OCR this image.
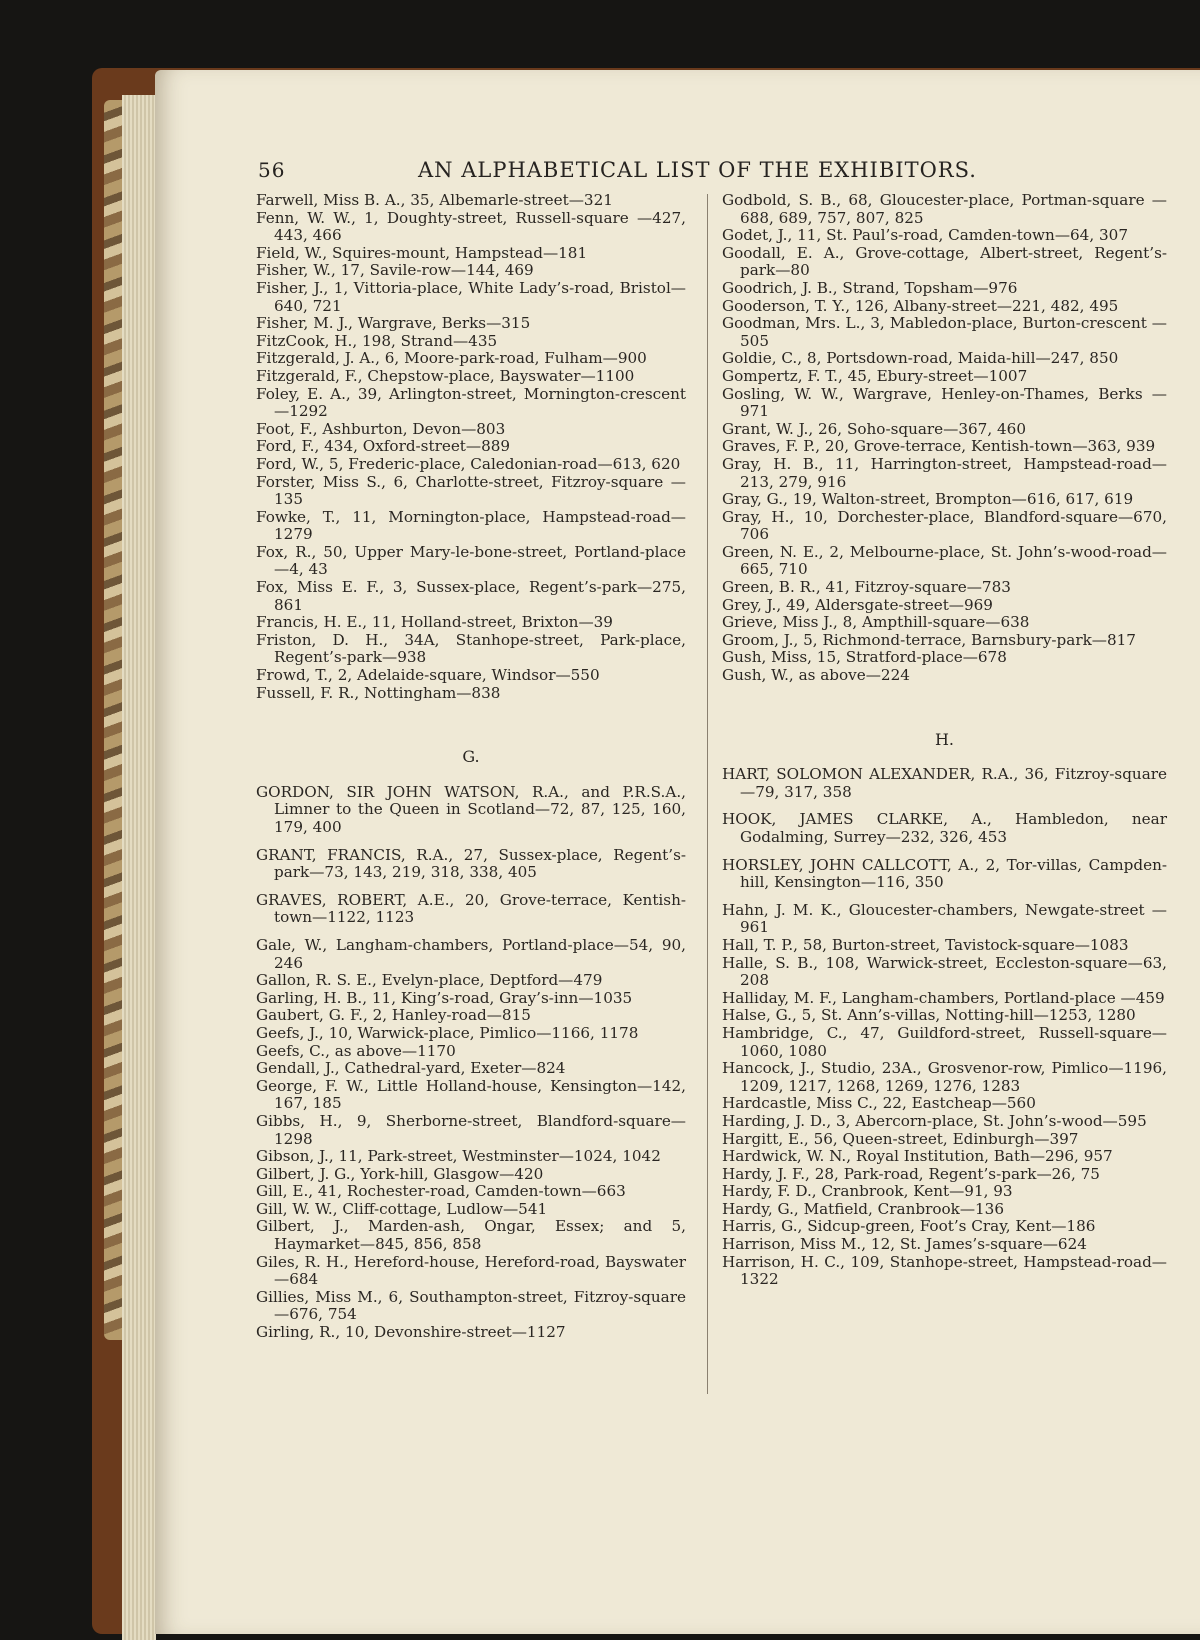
56	AN ALPHABETICAL LIST OF THE EXHIBITORS.

Farwell, Miss B. A., 35, Albemarle-street—321

Fenn, W. W., 1, Doughty-street, Russell-square —427, 443, 466

Field, W., Squires-mount, Hampstead—181

Fisher, W., 17, Savile-row—144, 469

Fisher, J., 1, Vittoria-place, White Lady’s-road, Bristol—640, 721

Fisher, M. J., Wargrave, Berks—315

FitzCook, H., 198, Strand—435

Fitzgerald, J. A., 6, Moore-park-road, Fulham—900

Fitzgerald, F., Chepstow-place, Bayswater—1100

Foley, E. A., 39, Arlington-street, Mornington-crescent—1292

Foot, F., Ashburton, Devon—803

Ford, F., 434, Oxford-street—889

Ford, W., 5, Frederic-place, Caledonian-road—613, 620

Forster, Miss S., 6, Charlotte-street, Fitzroy-square —135

Fowke, T., 11, Mornington-place, Hampstead-road—1279

Fox, R., 50, Upper Mary-le-bone-street, Portland-place—4, 43

Fox, Miss E. F., 3, Sussex-place, Regent’s-park—275, 861

Francis, H. E., 11, Holland-street, Brixton—39

Friston, D. H., 34A, Stanhope-street, Park-place, Regent’s-park—938

Frowd, T., 2, Adelaide-square, Windsor—550

Fussell, F. R., Nottingham—838

G.

GORDON, SIR JOHN WATSON, R.A., and P.R.S.A., Limner to the Queen in Scotland—72, 87, 125, 160, 179, 400

GRANT, FRANCIS, R.A., 27, Sussex-place, Regent’s-park—73, 143, 219, 318, 338, 405

GRAVES, ROBERT, A.E., 20, Grove-terrace, Kentish-town—1122, 1123

Gale, W., Langham-chambers, Portland-place—54, 90, 246

Gallon, R. S. E., Evelyn-place, Deptford—479

Garling, H. B., 11, King’s-road, Gray’s-inn—1035

Gaubert, G. F., 2, Hanley-road—815

Geefs, J., 10, Warwick-place, Pimlico—1166, 1178

Geefs, C., as above—1170

Gendall, J., Cathedral-yard, Exeter—824

George, F. W., Little Holland-house, Kensington—142, 167, 185

Gibbs, H., 9, Sherborne-street, Blandford-square—1298

Gibson, J., 11, Park-street, Westminster—1024, 1042

Gilbert, J. G., York-hill, Glasgow—420

Gill, E., 41, Rochester-road, Camden-town—663

Gill, W. W., Cliff-cottage, Ludlow—541

Gilbert, J., Marden-ash, Ongar, Essex; and 5, Haymarket—845, 856, 858

Giles, R. H., Hereford-house, Hereford-road, Bayswater—684

Gillies, Miss M., 6, Southampton-street, Fitzroy-square—676, 754

Girling, R., 10, Devonshire-street—1127

Godbold, S. B., 68, Gloucester-place, Portman-square —688, 689, 757, 807, 825

Godet, J., 11, St. Paul’s-road, Camden-town—64, 307

Goodall, E. A., Grove-cottage, Albert-street, Regent’s-park—80

Goodrich, J. B., Strand, Topsham—976

Gooderson, T. Y., 126, Albany-street—221, 482, 495

Goodman, Mrs. L., 3, Mabledon-place, Burton-crescent —505

Goldie, C., 8, Portsdown-road, Maida-hill—247, 850

Gompertz, F. T., 45, Ebury-street—1007

Gosling, W. W., Wargrave, Henley-on-Thames, Berks —971

Grant, W. J., 26, Soho-square—367, 460

Graves, F. P., 20, Grove-terrace, Kentish-town—363, 939

Gray, H. B., 11, Harrington-street, Hampstead-road—213, 279, 916

Gray, G., 19, Walton-street, Brompton—616, 617, 619

Gray, H., 10, Dorchester-place, Blandford-square—670, 706

Green, N. E., 2, Melbourne-place, St. John’s-wood-road—665, 710

Green, B. R., 41, Fitzroy-square—783

Grey, J., 49, Aldersgate-street—969

Grieve, Miss J., 8, Ampthill-square—638

Groom, J., 5, Richmond-terrace, Barnsbury-park—817

Gush, Miss, 15, Stratford-place—678

Gush, W., as above—224

H.

HART, SOLOMON ALEXANDER, R.A., 36, Fitzroy-square—79, 317, 358

HOOK, JAMES CLARKE, A., Hambledon, near Godalming, Surrey—232, 326, 453

HORSLEY, JOHN CALLCOTT, A., 2, Tor-villas, Campden-hill, Kensington—116, 350

Hahn, J. M. K., Gloucester-chambers, Newgate-street —961

Hall, T. P., 58, Burton-street, Tavistock-square—1083

Halle, S. B., 108, Warwick-street, Eccleston-square—63, 208

Halliday, M. F., Langham-chambers, Portland-place —459

Halse, G., 5, St. Ann’s-villas, Notting-hill—1253, 1280

Hambridge, C., 47, Guildford-street, Russell-square—1060, 1080

Hancock, J., Studio, 23A., Grosvenor-row, Pimlico—1196, 1209, 1217, 1268, 1269, 1276, 1283

Hardcastle, Miss C., 22, Eastcheap—560

Harding, J. D., 3, Abercorn-place, St. John’s-wood—595

Hargitt, E., 56, Queen-street, Edinburgh—397

Hardwick, W. N., Royal Institution, Bath—296, 957

Hardy, J. F., 28, Park-road, Regent’s-park—26, 75

Hardy, F. D., Cranbrook, Kent—91, 93

Hardy, G., Matfield, Cranbrook—136

Harris, G., Sidcup-green, Foot’s Cray, Kent—186

Harrison, Miss M., 12, St. James’s-square—624

Harrison, H. C., 109, Stanhope-street, Hampstead-road—1322
